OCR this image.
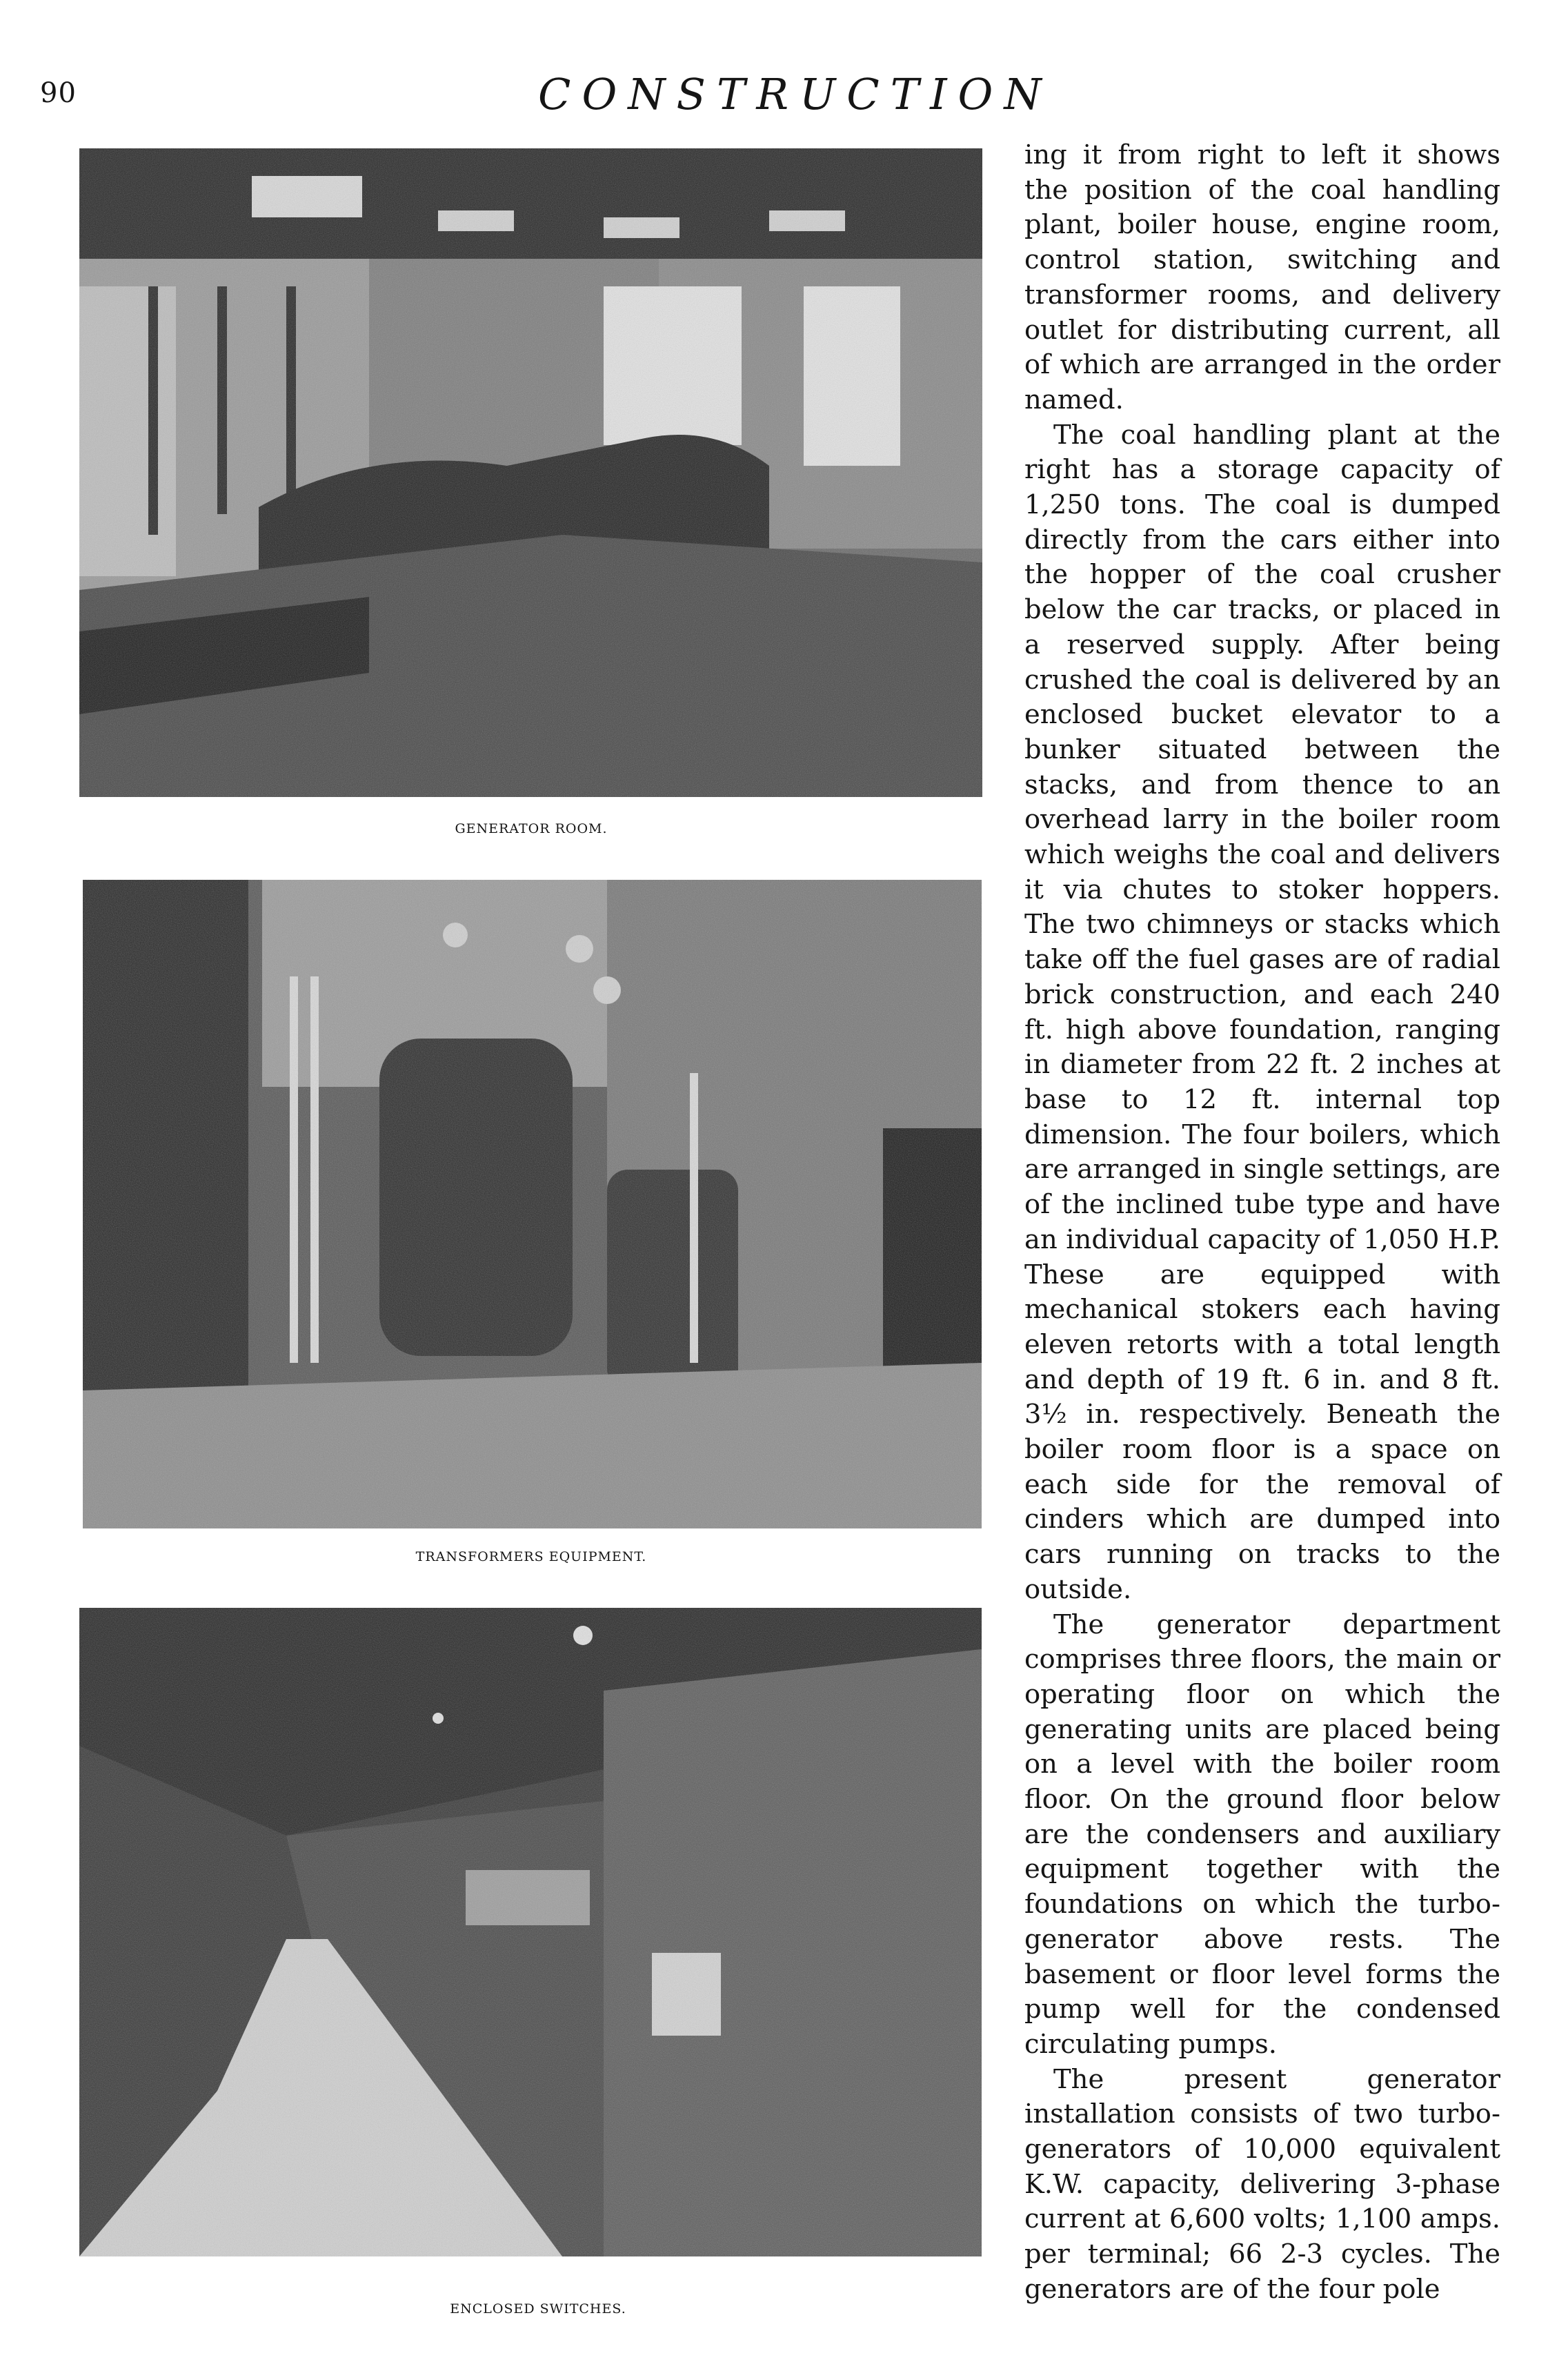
90	CONSTRUCTION
GENERATOR ROOM.
TRANSFORMERS EQUIPMENT.
ENCLOSED SWITCHES.

ing it from right to left it shows the position of the coal handling plant, boiler house, engine room, control station, switching and transformer rooms, and delivery outlet for distributing current, all of which are arranged in the order named.

The coal handling plant at the right has a storage capacity of 1,250 tons. The coal is dumped directly from the cars either into the hopper of the coal crusher below the car tracks, or placed in a reserved supply. After being crushed the coal is delivered by an enclosed bucket elevator to a bunker situated between the stacks, and from thence to an overhead larry in the boiler room which weighs the coal and delivers it via chutes to stoker hoppers. The two chimneys or stacks which take off the fuel gases are of radial brick construction, and each 240 ft. high above foundation, ranging in diameter from 22 ft. 2 inches at base to 12 ft. internal top dimension. The four boilers, which are arranged in single settings, are of the inclined tube type and have an individual capacity of 1,050 H.P. These are equipped with mechanical stokers each having eleven retorts with a total length and depth of 19 ft. 6 in. and 8 ft. 3½ in. respectively. Beneath the boiler room floor is a space on each side for the removal of cinders which are dumped into cars running on tracks to the outside.

The generator department comprises three floors, the main or operating floor on which the generating units are placed being on a level with the boiler room floor. On the ground floor below are the condensers and auxiliary equipment together with the foundations on which the turbo-generator above rests. The basement or floor level forms the pump well for the condensed circulating pumps.

The present generator installation consists of two turbo-generators of 10,000 equivalent K.W. capacity, delivering 3-phase current at 6,600 volts; 1,100 amps. per terminal; 66 2-3 cycles. The generators are of the four pole
